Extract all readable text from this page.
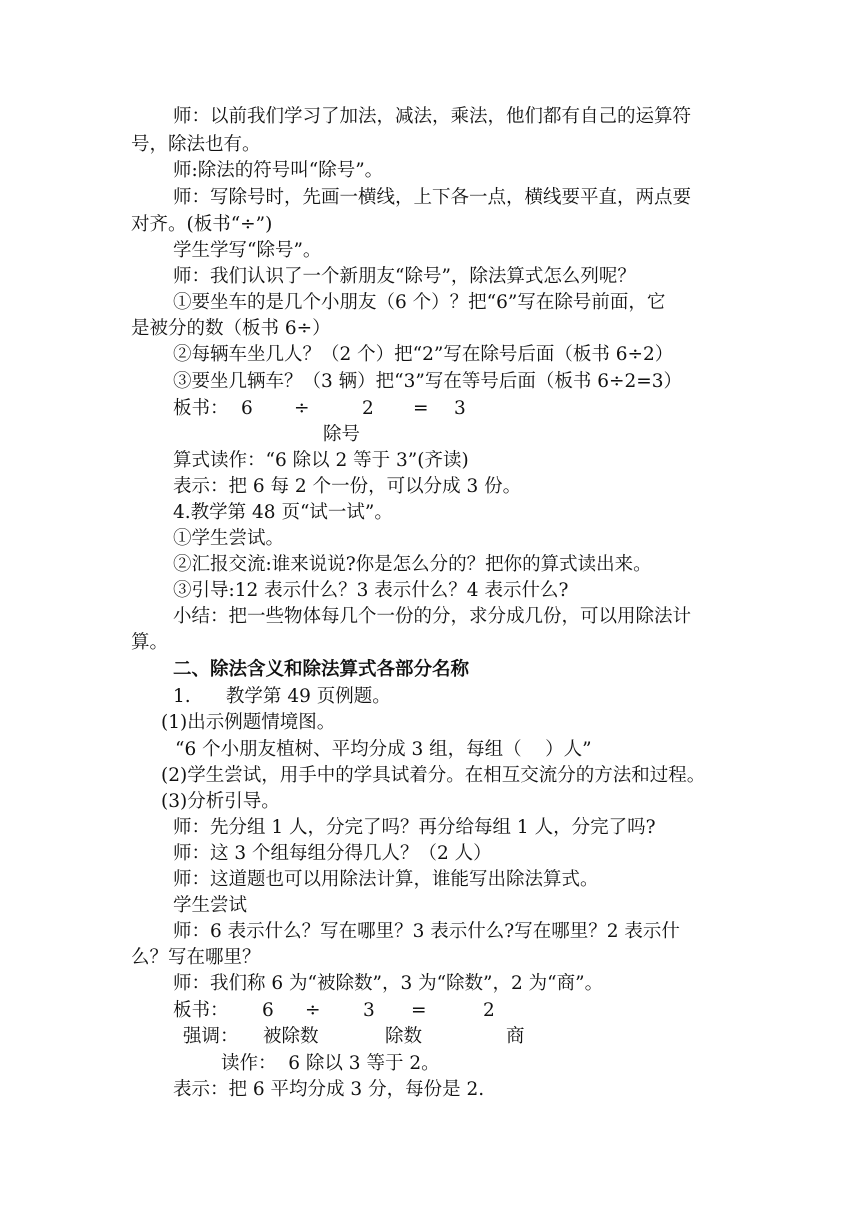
师：以前我们学习了加法，减法，乘法，他们都有自己的运算符
号，除法也有。
师:除法的符号叫“除号”。
师：写除号时，先画一横线，上下各一点，横线要平直，两点要
对齐。(板书“÷”)
学生学写“除号”。
师：我们认识了一个新朋友“除号”，除法算式怎么列呢？
①要坐车的是几个小朋友（6 个）？把“6”写在除号前面，它
是被分的数（板书 6÷）
②每辆车坐几人？（2 个）把“2”写在除号后面（板书 6÷2）
③要坐几辆车？（3 辆）把“3”写在等号后面（板书 6÷2=3）
板书： 6 ÷	2 = 3
除号
算式读作：“6 除以 2 等于 3”(齐读)
表示：把 6 每 2 个一份，可以分成 3 份。
4.教学第 48 页“试一试”。
①学生尝试。
②汇报交流:谁来说说?你是怎么分的？把你的算式读出来。
③引导:12 表示什么？3 表示什么？4 表示什么?
小结：把一些物体每几个一份的分，求分成几份，可以用除法计
算。
二、除法含义和除法算式各部分名称
1.      教学第 49 页例题。
(1)出示例题情境图。
“6 个小朋友植树、平均分成 3 组，每组（    ）人”
(2)学生尝试，用手中的学具试着分。在相互交流分的方法和过程。
(3)分析引导。
师：先分组 1 人，分完了吗？再分给每组 1 人，分完了吗?
师：这 3 个组每组分得几人？（2 人）
师：这道题也可以用除法计算，谁能写出除法算式。
学生尝试
师：6 表示什么？写在哪里？3 表示什么?写在哪里？2 表示什
么？写在哪里？
师：我们称 6 为“被除数”，3 为“除数”，2 为“商”。
板书： 6 ÷ 3 =	2
强调： 被除数	除数	商
读作：  6 除以 3 等于 2。
表示：把 6 平均分成 3 分，每份是 2.
